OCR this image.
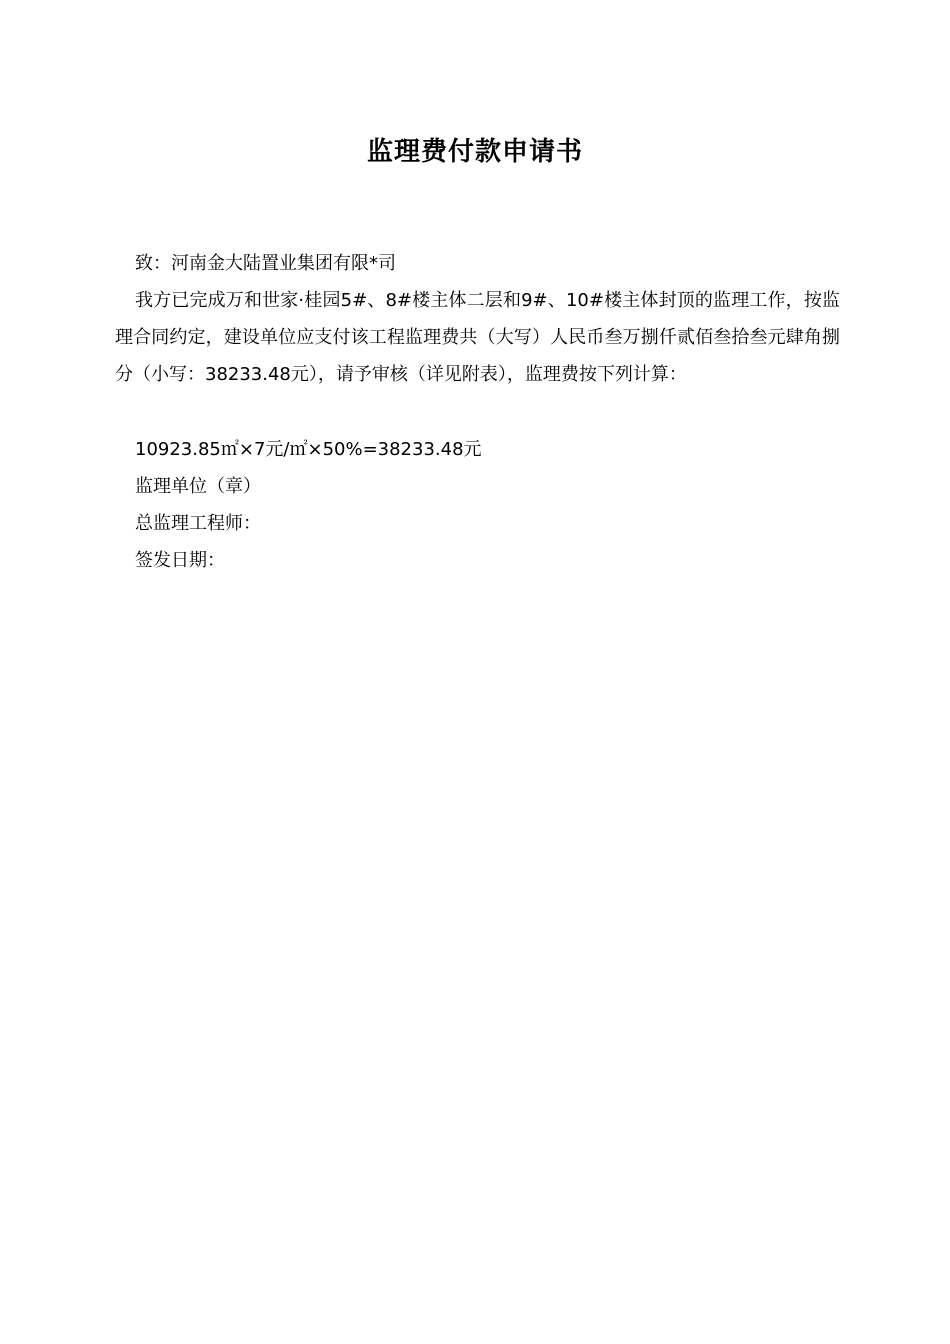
监理费付款申请书
致：河南金大陆置业集团有限*司
我方已完成万和世家·桂园5#、8#楼主体二层和9#、10#楼主体封顶的监理工作，按监理合同约定，建设单位应支付该工程监理费共（大写）人民币叁万捌仟贰佰叁拾叁元肆角捌分（小写：38233.48元），请予审核（详见附表），监理费按下列计算：
10923.85㎡×7元/㎡×50%=38233.48元
监理单位（章）
总监理工程师：
签发日期：
